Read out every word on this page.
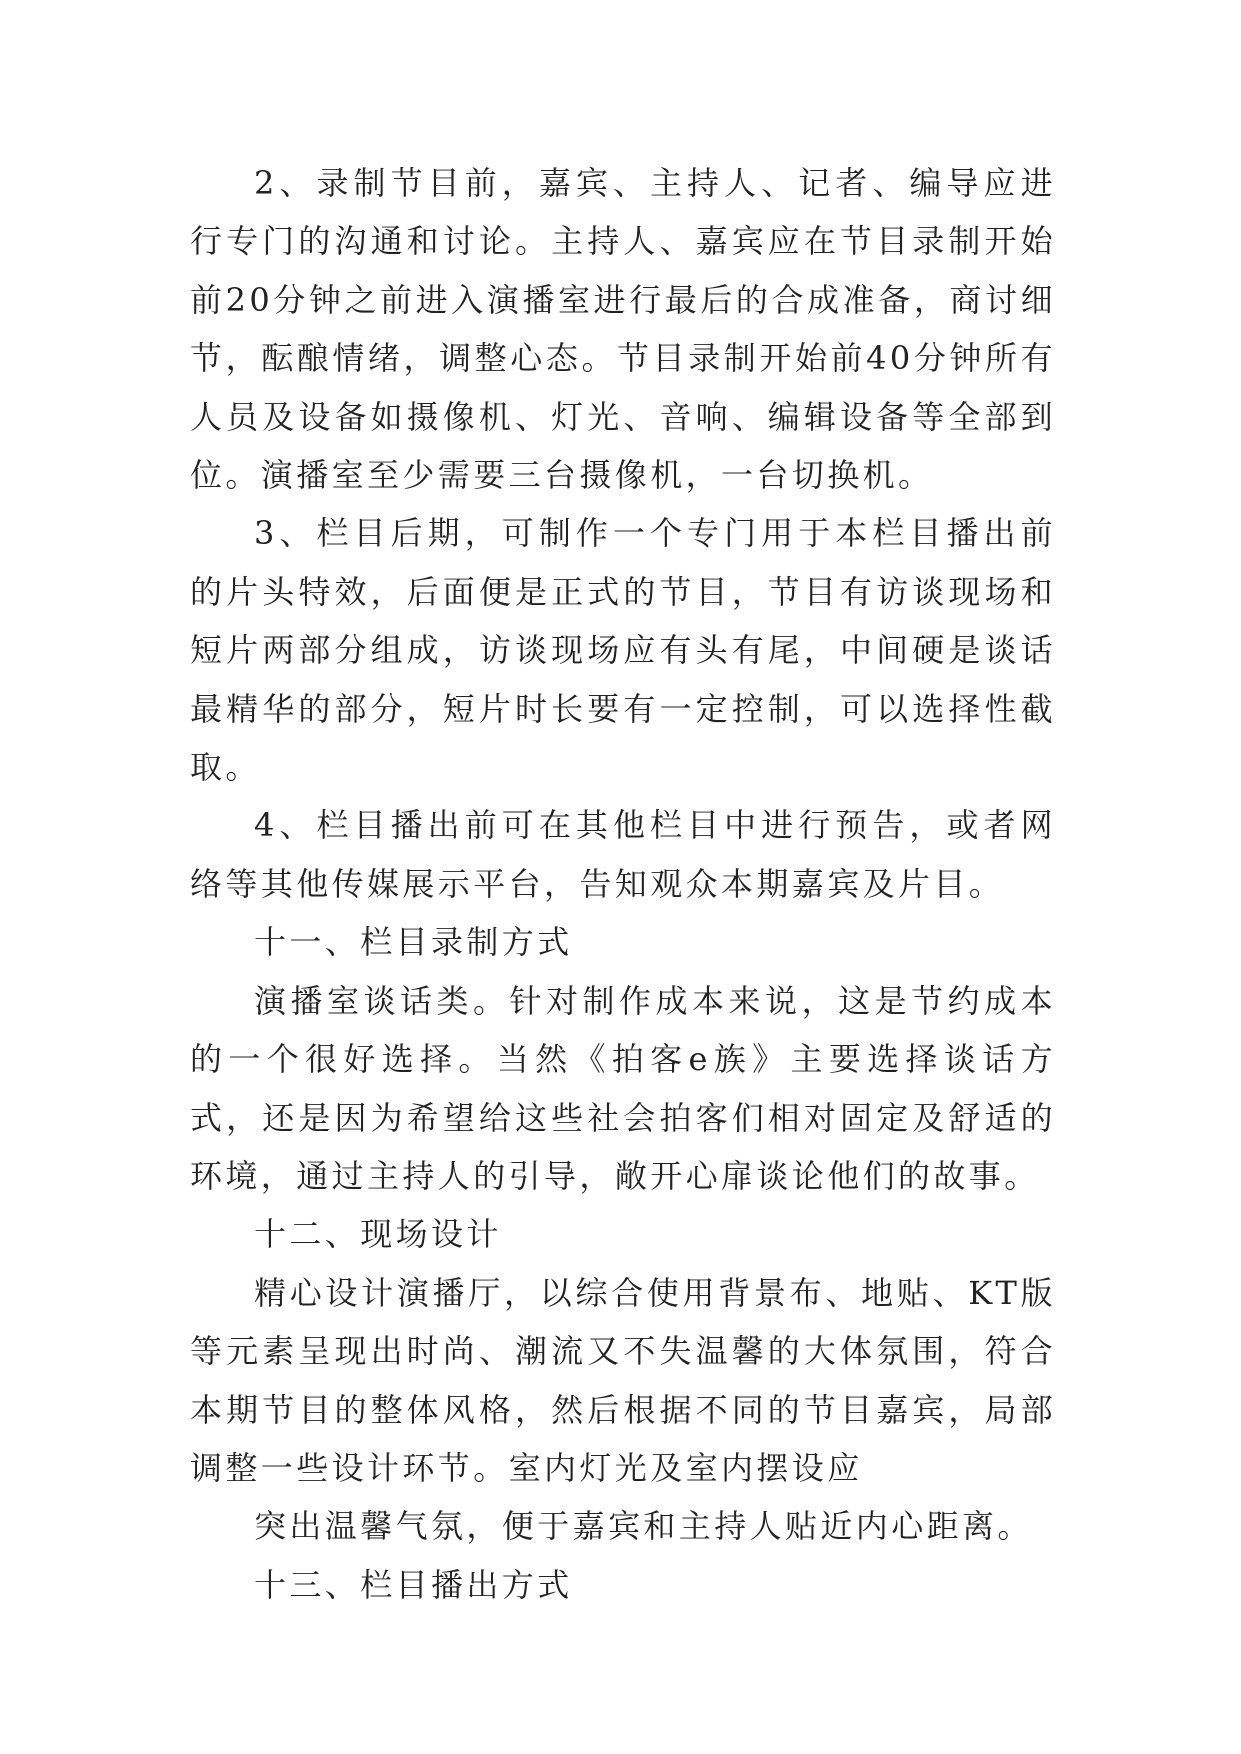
2、录制节目前，嘉宾、主持人、记者、编导应进行专门的沟通和讨论。主持人、嘉宾应在节目录制开始前20分钟之前进入演播室进行最后的合成准备，商讨细节，酝酿情绪，调整心态。节目录制开始前40分钟所有人员及设备如摄像机、灯光、音响、编辑设备等全部到位。演播室至少需要三台摄像机，一台切换机。

3、栏目后期，可制作一个专门用于本栏目播出前的片头特效，后面便是正式的节目，节目有访谈现场和短片两部分组成，访谈现场应有头有尾，中间硬是谈话最精华的部分，短片时长要有一定控制，可以选择性截取。

4、栏目播出前可在其他栏目中进行预告，或者网络等其他传媒展示平台，告知观众本期嘉宾及片目。

十一、栏目录制方式

演播室谈话类。针对制作成本来说，这是节约成本的一个很好选择。当然《拍客e族》主要选择谈话方式，还是因为希望给这些社会拍客们相对固定及舒适的环境，通过主持人的引导，敞开心扉谈论他们的故事。

十二、现场设计

精心设计演播厅，以综合使用背景布、地贴、KT版等元素呈现出时尚、潮流又不失温馨的大体氛围，符合本期节目的整体风格，然后根据不同的节目嘉宾，局部调整一些设计环节。室内灯光及室内摆设应

突出温馨气氛，便于嘉宾和主持人贴近内心距离。

十三、栏目播出方式
